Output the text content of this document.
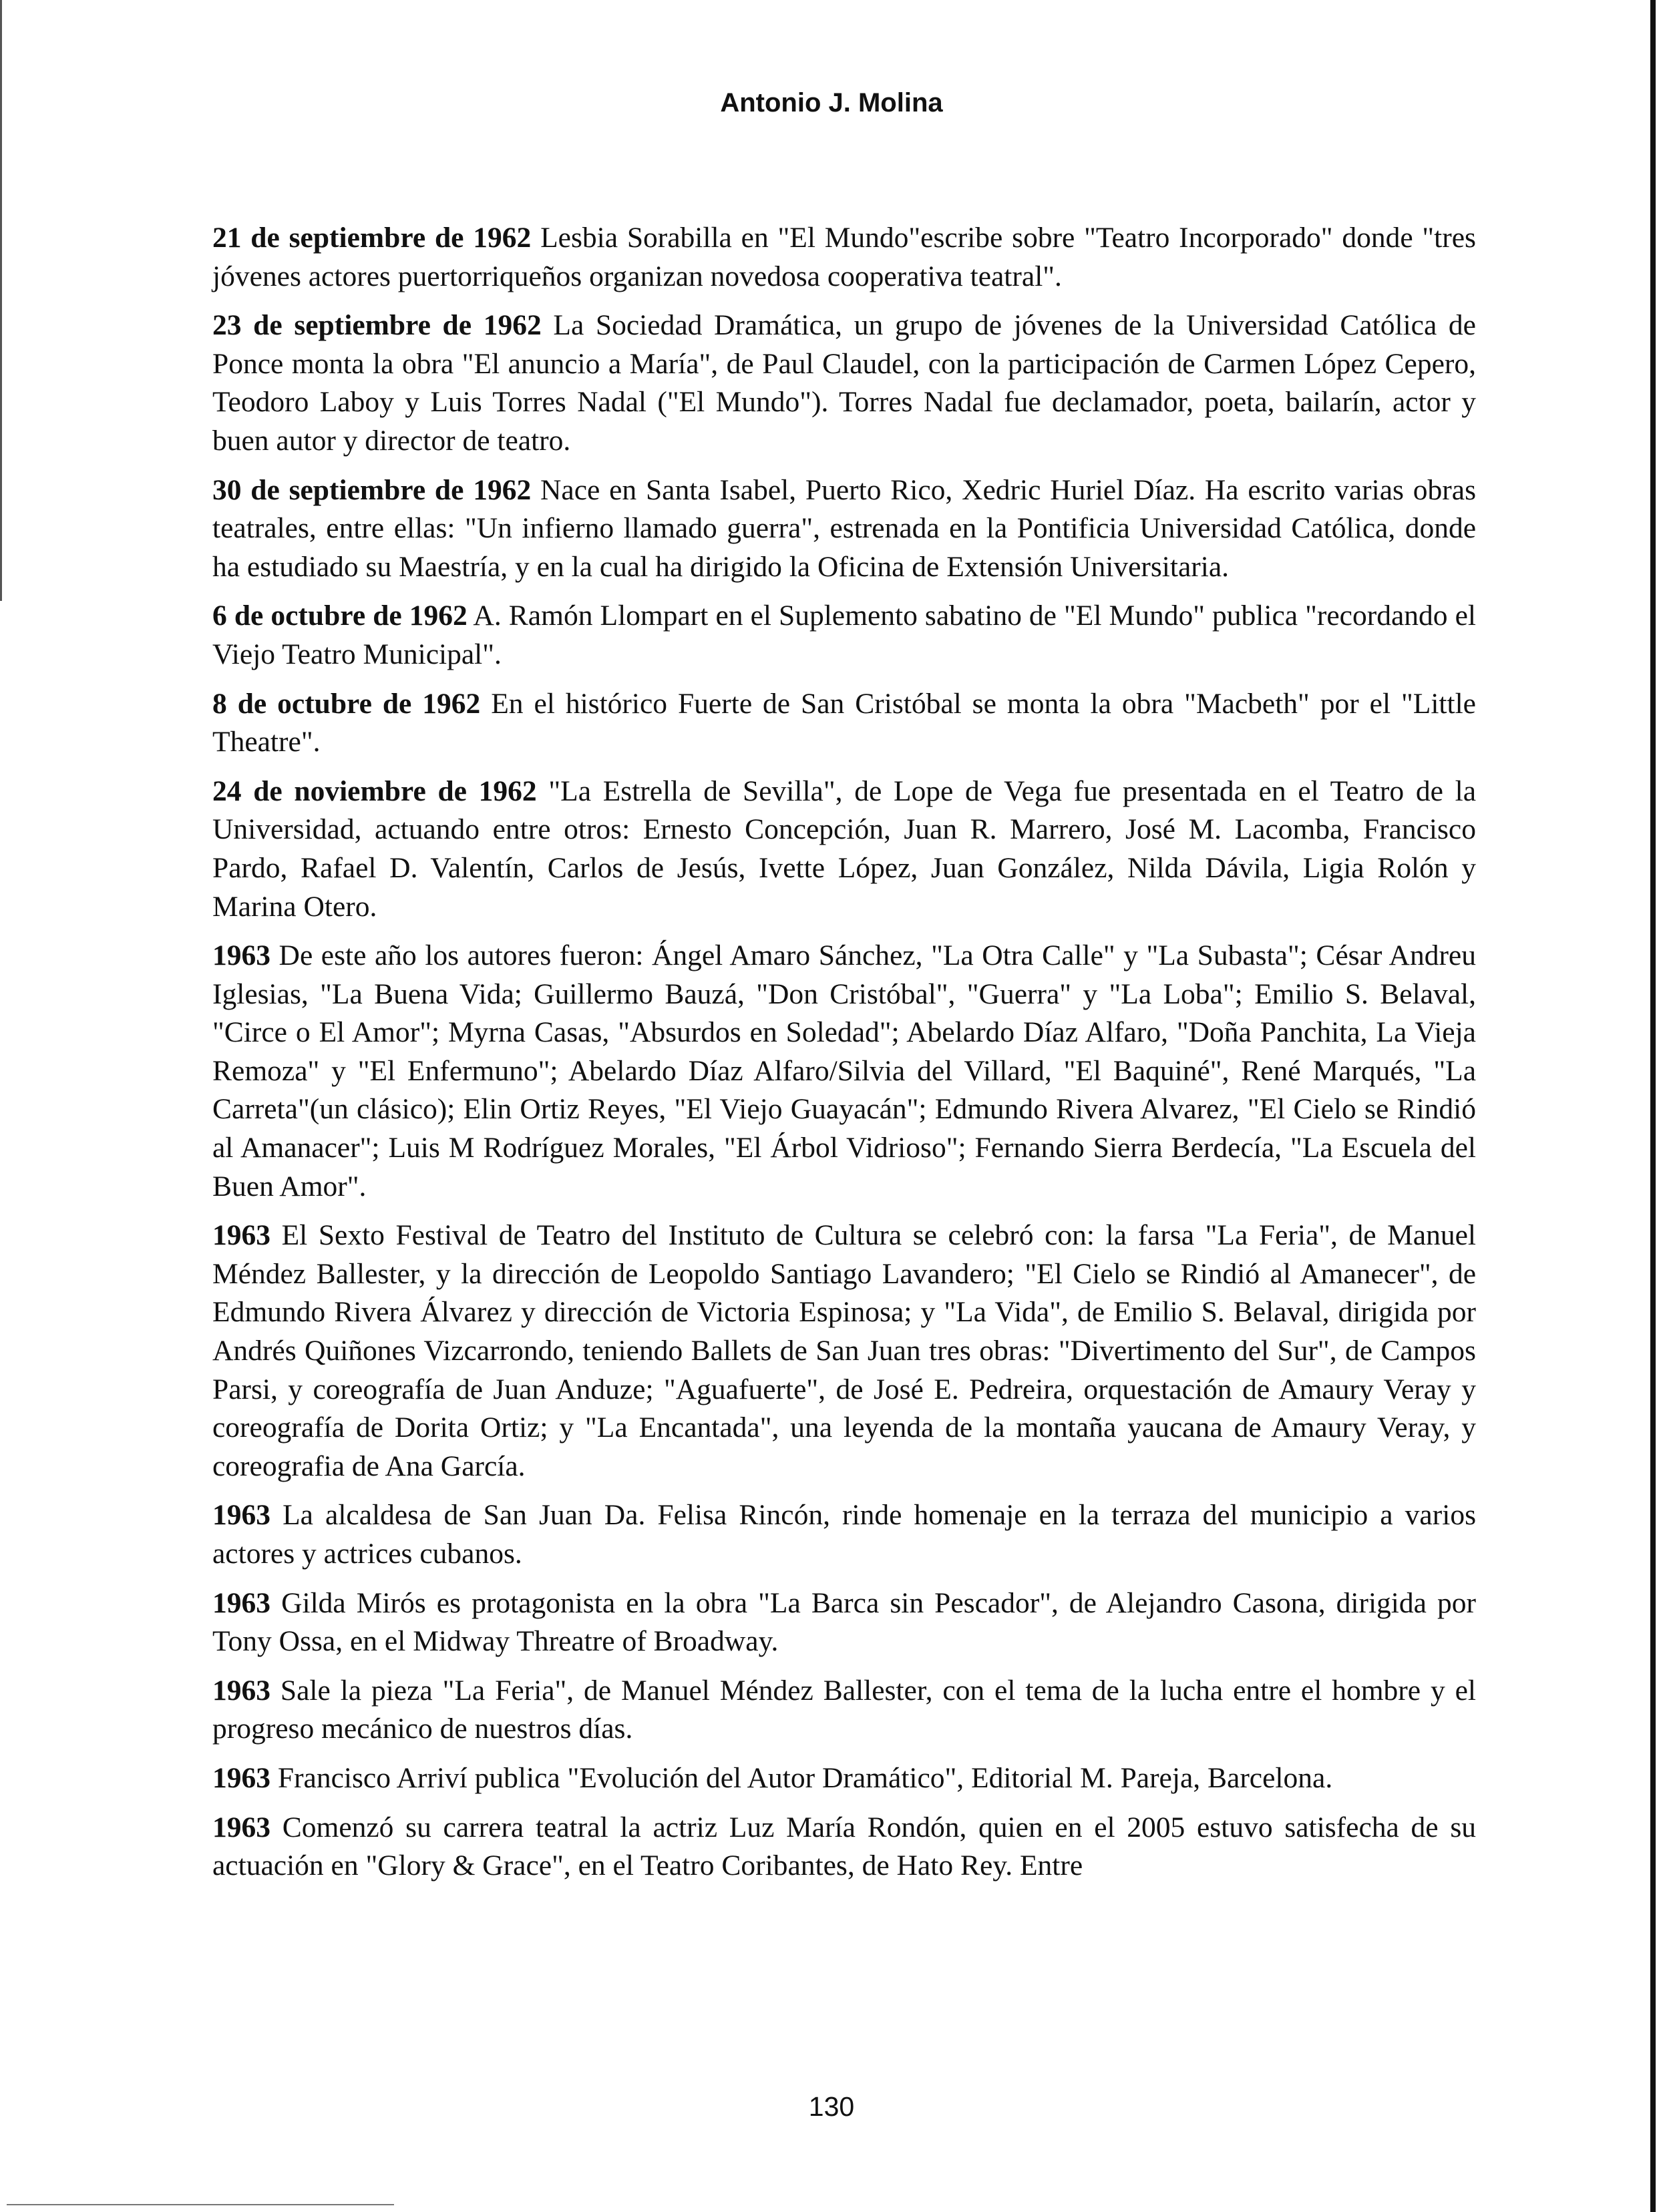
Antonio J. Molina

21 de septiembre de 1962 Lesbia Sorabilla en "El Mundo"escribe sobre "Teatro Incorporado" donde "tres jóvenes actores puertorriqueños organizan novedosa cooperativa teatral".

23 de septiembre de 1962 La Sociedad Dramática, un grupo de jóvenes de la Universidad Católica de Ponce monta la obra "El anuncio a María", de Paul Claudel, con la participación de Carmen López Cepero, Teodoro Laboy y Luis Torres Nadal ("El Mundo"). Torres Nadal fue declamador, poeta, bailarín, actor y buen autor y director de teatro.

30 de septiembre de 1962 Nace en Santa Isabel, Puerto Rico, Xedric Huriel Díaz. Ha escrito varias obras teatrales, entre ellas: "Un infierno llamado guerra", estrenada en la Pontificia Universidad Católica, donde ha estudiado su Maestría, y en la cual ha dirigido la Oficina de Extensión Universitaria.

6 de octubre de 1962 A. Ramón Llompart en el Suplemento sabatino de "El Mundo" publica "recordando el Viejo Teatro Municipal".

8 de octubre de 1962 En el histórico Fuerte de San Cristóbal se monta la obra "Macbeth" por el "Little Theatre".

24 de noviembre de 1962 "La Estrella de Sevilla", de Lope de Vega fue presentada en el Teatro de la Universidad, actuando entre otros: Ernesto Concepción, Juan R. Marrero, José M. Lacomba, Francisco Pardo, Rafael D. Valentín, Carlos de Jesús, Ivette López, Juan González, Nilda Dávila, Ligia Rolón y Marina Otero.

1963 De este año los autores fueron: Ángel Amaro Sánchez, "La Otra Calle" y "La Subasta"; César Andreu Iglesias, "La Buena Vida; Guillermo Bauzá, "Don Cristóbal", "Guerra" y "La Loba"; Emilio S. Belaval, "Circe o El Amor"; Myrna Casas, "Absurdos en Soledad"; Abelardo Díaz Alfaro, "Doña Panchita, La Vieja Remoza" y "El Enfermuno"; Abelardo Díaz Alfaro/Silvia del Villard, "El Baquiné", René Marqués, "La Carreta"(un clásico); Elin Ortiz Reyes, "El Viejo Guayacán"; Edmundo Rivera Alvarez, "El Cielo se Rindió al Amanacer"; Luis M Rodríguez Morales, "El Árbol Vidrioso"; Fernando Sierra Berdecía, "La Escuela del Buen Amor".

1963 El Sexto Festival de Teatro del Instituto de Cultura se celebró con: la farsa "La Feria", de Manuel Méndez Ballester, y la dirección de Leopoldo Santiago Lavandero; "El Cielo se Rindió al Amanecer", de Edmundo Rivera Álvarez y dirección de Victoria Espinosa; y "La Vida", de Emilio S. Belaval, dirigida por Andrés Quiñones Vizcarrondo, teniendo Ballets de San Juan tres obras: "Divertimento del Sur", de Campos Parsi, y coreografía de Juan Anduze; "Aguafuerte", de José E. Pedreira, orquestación de Amaury Veray y coreografía de Dorita Ortiz; y "La Encantada", una leyenda de la montaña yaucana de Amaury Veray, y coreografia de Ana García.

1963 La alcaldesa de San Juan Da. Felisa Rincón, rinde homenaje en la terraza del municipio a varios actores y actrices cubanos.

1963 Gilda Mirós es protagonista en la obra "La Barca sin Pescador", de Alejandro Casona, dirigida por Tony Ossa, en el Midway Threatre of Broadway.

1963 Sale la pieza "La Feria", de Manuel Méndez Ballester, con el tema de la lucha entre el hombre y el progreso mecánico de nuestros días.

1963 Francisco Arriví publica "Evolución del Autor Dramático", Editorial M. Pareja, Barcelona.

1963 Comenzó su carrera teatral la actriz Luz María Rondón, quien en el 2005 estuvo satisfecha de su actuación en "Glory & Grace", en el Teatro Coribantes, de Hato Rey. Entre

130
